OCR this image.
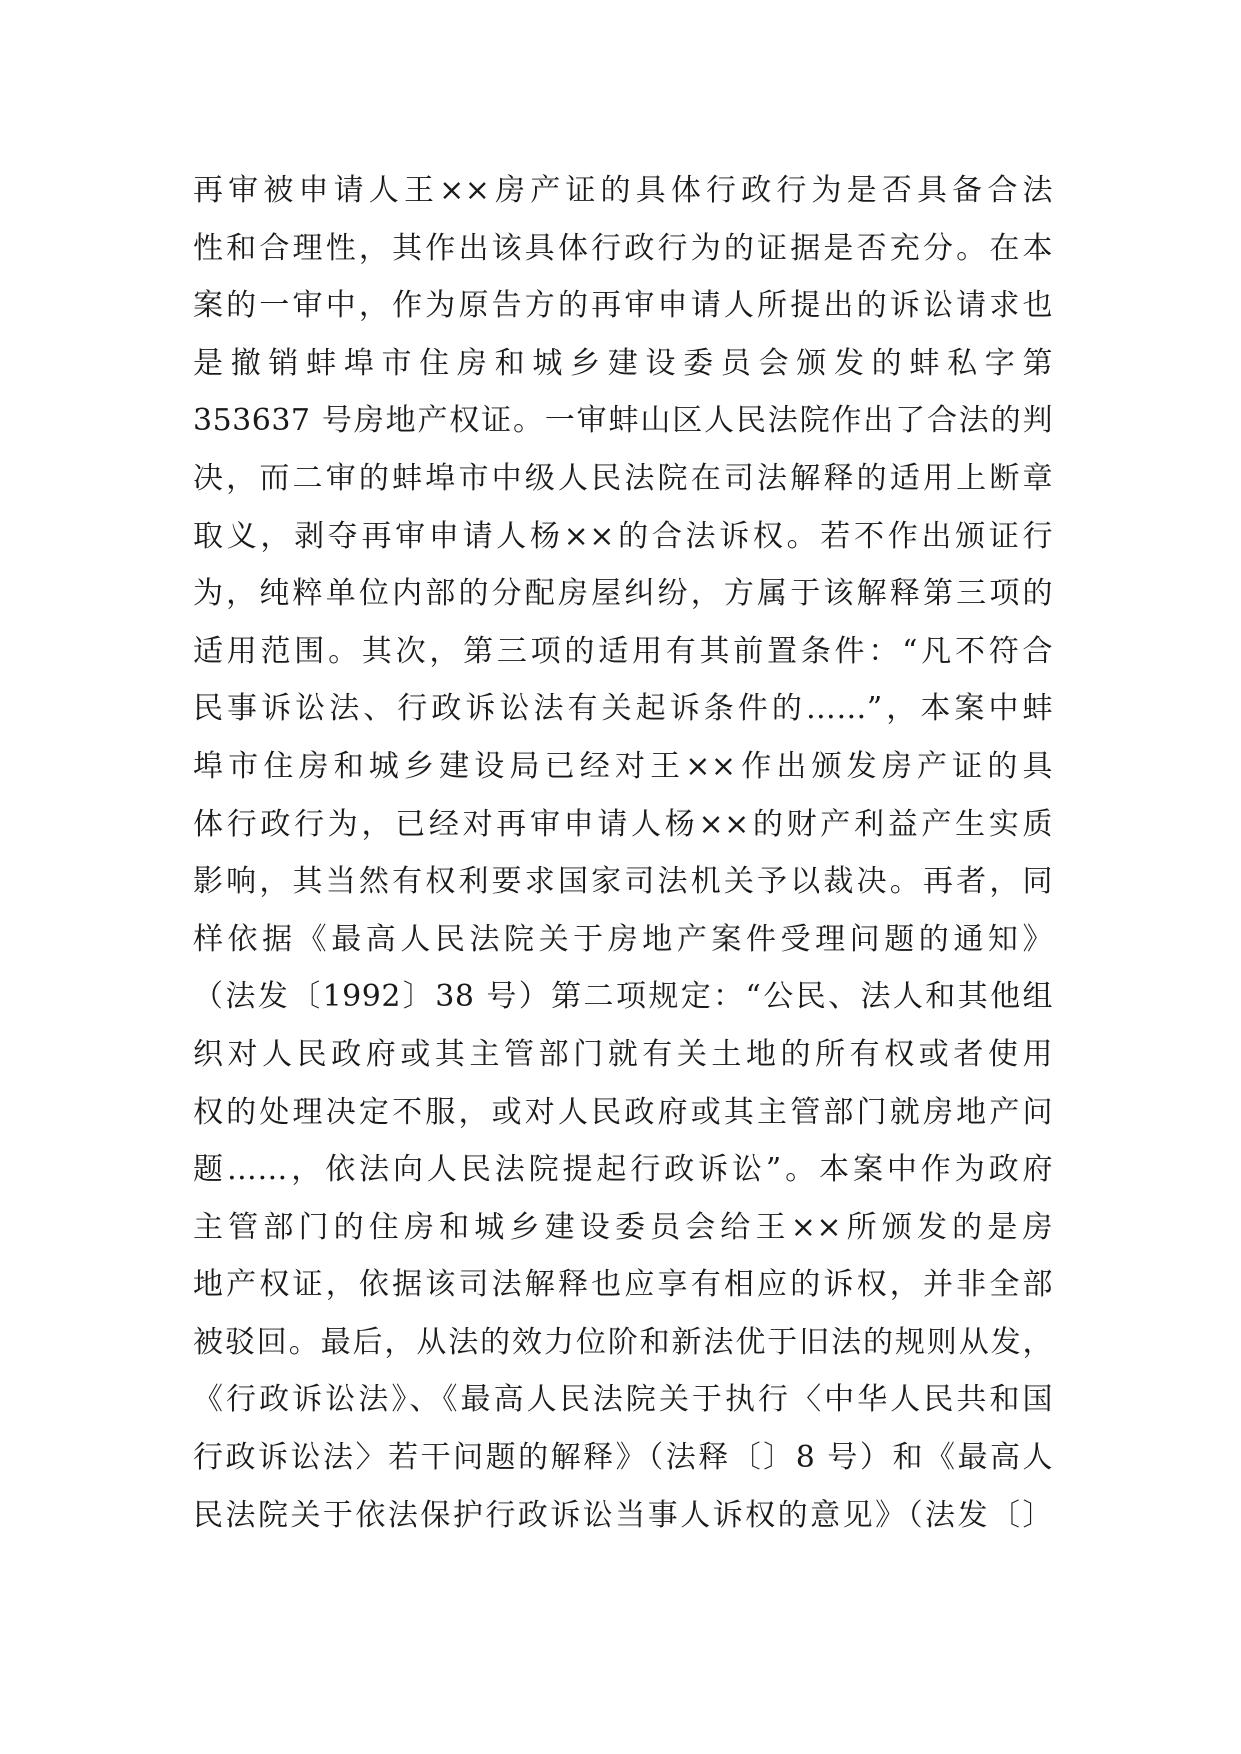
再审被申请人王××房产证的具体行政行为是否具备合法
性和合理性，其作出该具体行政行为的证据是否充分。在本
案的一审中，作为原告方的再审申请人所提出的诉讼请求也
是撤销蚌埠市住房和城乡建设委员会颁发的蚌私字第
353637 号房地产权证。一审蚌山区人民法院作出了合法的判
决，而二审的蚌埠市中级人民法院在司法解释的适用上断章
取义，剥夺再审申请人杨××的合法诉权。若不作出颁证行
为，纯粹单位内部的分配房屋纠纷，方属于该解释第三项的
适用范围。其次，第三项的适用有其前置条件：“凡不符合
民事诉讼法、行政诉讼法有关起诉条件的……”，本案中蚌
埠市住房和城乡建设局已经对王××作出颁发房产证的具
体行政行为，已经对再审申请人杨××的财产利益产生实质
影响，其当然有权利要求国家司法机关予以裁决。再者，同
样依据《最高人民法院关于房地产案件受理问题的通知》
（法发〔1992〕38 号）第二项规定：“公民、法人和其他组
织对人民政府或其主管部门就有关土地的所有权或者使用
权的处理决定不服，或对人民政府或其主管部门就房地产问
题……，依法向人民法院提起行政诉讼”。本案中作为政府
主管部门的住房和城乡建设委员会给王××所颁发的是房
地产权证，依据该司法解释也应享有相应的诉权，并非全部
被驳回。最后，从法的效力位阶和新法优于旧法的规则从发，
《行政诉讼法》、《最高人民法院关于执行〈中华人民共和国
行政诉讼法〉若干问题的解释》（法释〔〕8 号）和《最高人
民法院关于依法保护行政诉讼当事人诉权的意见》（法发〔〕
